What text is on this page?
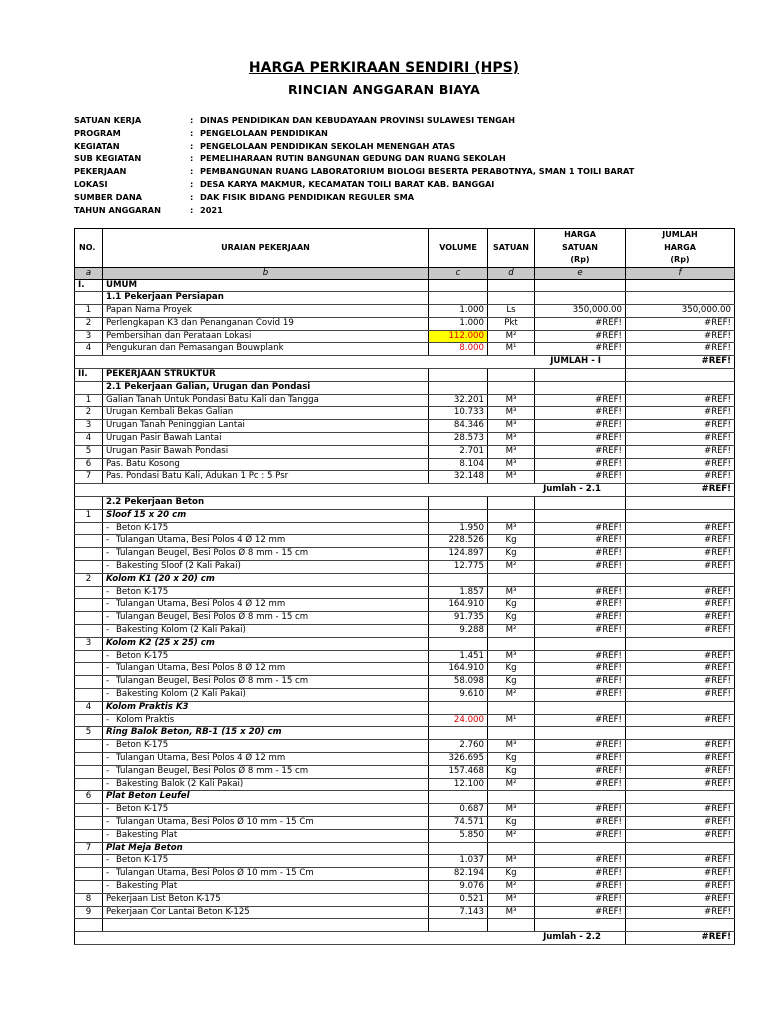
HARGA PERKIRAAN SENDIRI (HPS)
RINCIAN ANGGARAN BIAYA
SATUAN KERJA	: DINAS PENDIDIKAN DAN KEBUDAYAAN PROVINSI SULAWESI TENGAH
PROGRAM	: PENGELOLAAN PENDIDIKAN
KEGIATAN	: PENGELOLAAN PENDIDIKAN SEKOLAH MENENGAH ATAS
SUB KEGIATAN	: PEMELIHARAAN RUTIN BANGUNAN GEDUNG DAN RUANG SEKOLAH
PEKERJAAN	: PEMBANGUNAN RUANG LABORATORIUM BIOLOGI BESERTA PERABOTNYA, SMAN 1 TOILI BARAT
LOKASI	: DESA KARYA MAKMUR, KECAMATAN TOILI BARAT KAB. BANGGAI
SUMBER DANA	: DAK FISIK BIDANG PENDIDIKAN REGULER SMA
TAHUN ANGGARAN	: 2021
NO.	URAIAN PEKERJAAN	VOLUME	SATUAN	HARGA	JUMLAH
				SATUAN	HARGA
				(Rp)	(Rp)
a	b	c	d	e	f
I.	UMUM				
	1.1 Pekerjaan Persiapan				
1	Papan Nama Proyek	1.000	Ls	350,000.00	350,000.00
2	Perlengkapan K3 dan Penanganan Covid 19	1.000	Pkt	#REF!	#REF!
3	Pembersihan dan Perataan Lokasi	112.000	M²	#REF!	#REF!
4	Pengukuran dan Pemasangan Bouwplank	8.000	M¹	#REF!	#REF!
JUMLAH - I					#REF!
II.	PEKERJAAN STRUKTUR				
	2.1 Pekerjaan Galian, Urugan dan Pondasi				
1	Galian Tanah Untuk Pondasi Batu Kali dan Tangga	32.201	M³	#REF!	#REF!
2	Urugan Kembali Bekas Galian	10.733	M³	#REF!	#REF!
3	Urugan Tanah Peninggian Lantai	84.346	M³	#REF!	#REF!
4	Urugan Pasir Bawah Lantai	28.573	M³	#REF!	#REF!
5	Urugan Pasir Bawah Pondasi	2.701	M³	#REF!	#REF!
6	Pas. Batu Kosong	8.104	M³	#REF!	#REF!
7	Pas. Pondasi Batu Kali, Adukan 1 Pc : 5 Psr	32.148	M³	#REF!	#REF!
Jumlah - 2.1					#REF!
	2.2 Pekerjaan Beton				
1	Sloof 15 x 20 cm				
	- Beton K-175	1.950	M³	#REF!	#REF!
	- Tulangan Utama, Besi Polos 4 Ø 12 mm	228.526	Kg	#REF!	#REF!
	- Tulangan Beugel, Besi Polos Ø 8 mm - 15 cm	124.897	Kg	#REF!	#REF!
	- Bakesting Sloof (2 Kali Pakai)	12.775	M²	#REF!	#REF!
2	Kolom K1 (20 x 20) cm				
	- Beton K-175	1.857	M³	#REF!	#REF!
	- Tulangan Utama, Besi Polos 4 Ø 12 mm	164.910	Kg	#REF!	#REF!
	- Tulangan Beugel, Besi Polos Ø 8 mm - 15 cm	91.735	Kg	#REF!	#REF!
	- Bakesting Kolom (2 Kali Pakai)	9.288	M²	#REF!	#REF!
3	Kolom K2 (25 x 25) cm				
	- Beton K-175	1.451	M³	#REF!	#REF!
	- Tulangan Utama, Besi Polos 8 Ø 12 mm	164.910	Kg	#REF!	#REF!
	- Tulangan Beugel, Besi Polos Ø 8 mm - 15 cm	58.098	Kg	#REF!	#REF!
	- Bakesting Kolom (2 Kali Pakai)	9.610	M²	#REF!	#REF!
4	Kolom Praktis K3				
	- Kolom Praktis	24.000	M¹	#REF!	#REF!
5	Ring Balok Beton, RB-1 (15 x 20) cm				
	- Beton K-175	2.760	M³	#REF!	#REF!
	- Tulangan Utama, Besi Polos 4 Ø 12 mm	326.695	Kg	#REF!	#REF!
	- Tulangan Beugel, Besi Polos Ø 8 mm - 15 cm	157.468	Kg	#REF!	#REF!
	- Bakesting Balok (2 Kali Pakai)	12.100	M²	#REF!	#REF!
6	Plat Beton Leufel				
	- Beton K-175	0.687	M³	#REF!	#REF!
	- Tulangan Utama, Besi Polos Ø 10 mm - 15 Cm	74.571	Kg	#REF!	#REF!
	- Bakesting Plat	5.850	M²	#REF!	#REF!
7	Plat Meja Beton				
	- Beton K-175	1.037	M³	#REF!	#REF!
	- Tulangan Utama, Besi Polos Ø 10 mm - 15 Cm	82.194	Kg	#REF!	#REF!
	- Bakesting Plat	9.076	M²	#REF!	#REF!
8	Pekerjaan List Beton K-175	0.521	M³	#REF!	#REF!
9	Pekerjaan Cor Lantai Beton K-125	7.143	M³	#REF!	#REF!

Jumlah - 2.2					#REF!
